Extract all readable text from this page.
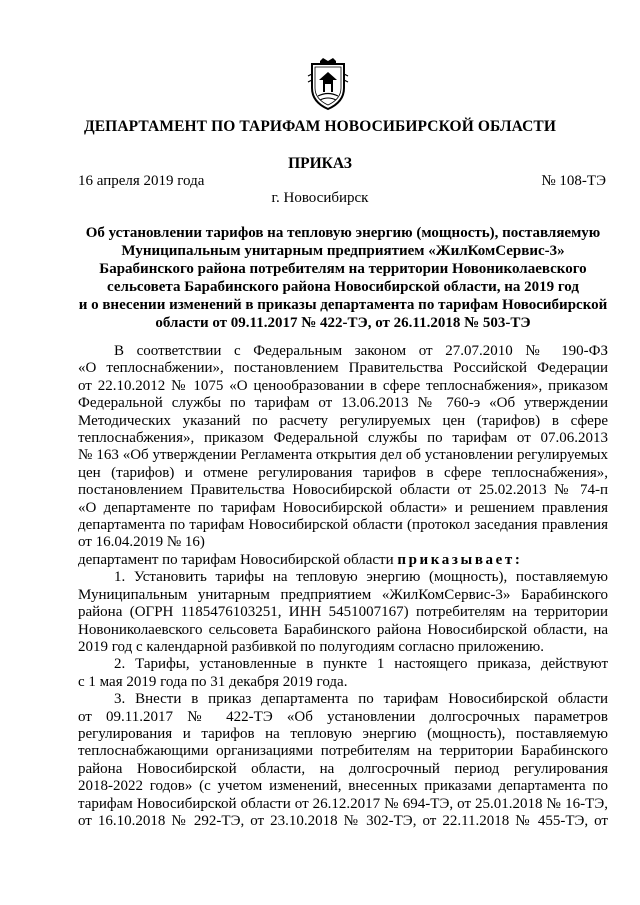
ДЕПАРТАМЕНТ ПО ТАРИФАМ НОВОСИБИРСКОЙ ОБЛАСТИ
ПРИКАЗ
16 апреля 2019 года	№ 108-ТЭ
г. Новосибирск
Об установлении тарифов на тепловую энергию (мощность), поставляемую
Муниципальным унитарным предприятием «ЖилКомСервис-3»
Барабинского района потребителям на территории Новониколаевского
сельсовета Барабинского района Новосибирской области, на 2019 год
и о внесении изменений в приказы департамента по тарифам Новосибирской
области от 09.11.2017 № 422-ТЭ, от 26.11.2018 № 503-ТЭ
В соответствии с Федеральным законом от 27.07.2010 № 190-ФЗ
«О теплоснабжении», постановлением Правительства Российской Федерации
от 22.10.2012 № 1075 «О ценообразовании в сфере теплоснабжения», приказом
Федеральной службы по тарифам от 13.06.2013 № 760-э «Об утверждении
Методических указаний по расчету регулируемых цен (тарифов) в сфере
теплоснабжения», приказом Федеральной службы по тарифам от 07.06.2013
№ 163 «Об утверждении Регламента открытия дел об установлении регулируемых
цен (тарифов) и отмене регулирования тарифов в сфере теплоснабжения»,
постановлением Правительства Новосибирской области от 25.02.2013 № 74-п
«О департаменте по тарифам Новосибирской области» и решением правления
департамента по тарифам Новосибирской области (протокол заседания правления
от 16.04.2019 № 16)
департамент по тарифам Новосибирской области приказывает:
1. Установить тарифы на тепловую энергию (мощность), поставляемую
Муниципальным унитарным предприятием «ЖилКомСервис-3» Барабинского
района (ОГРН 1185476103251, ИНН 5451007167) потребителям на территории
Новониколаевского сельсовета Барабинского района Новосибирской области, на
2019 год с календарной разбивкой по полугодиям согласно приложению.
2. Тарифы, установленные в пункте 1 настоящего приказа, действуют
с 1 мая 2019 года по 31 декабря 2019 года.
3. Внести в приказ департамента по тарифам Новосибирской области
от 09.11.2017 № 422-ТЭ «Об установлении долгосрочных параметров
регулирования и тарифов на тепловую энергию (мощность), поставляемую
теплоснабжающими организациями потребителям на территории Барабинского
района Новосибирской области, на долгосрочный период регулирования
2018-2022 годов» (с учетом изменений, внесенных приказами департамента по
тарифам Новосибирской области от 26.12.2017 № 694-ТЭ, от 25.01.2018 № 16-ТЭ,
от 16.10.2018 № 292-ТЭ, от 23.10.2018 № 302-ТЭ, от 22.11.2018 № 455-ТЭ, от
